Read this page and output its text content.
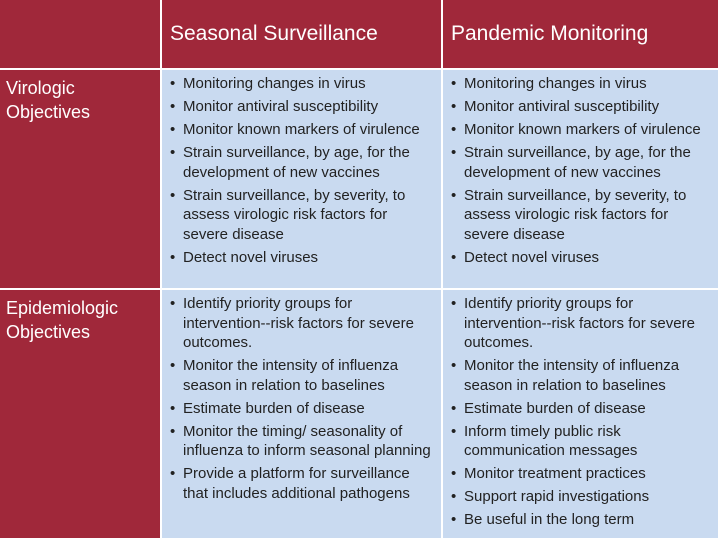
Seasonal Surveillance	Pandemic Monitoring
Virologic Objectives
• Monitoring changes in virus
• Monitor antiviral susceptibility
• Monitor known markers of virulence
• Strain surveillance, by age, for the development of new vaccines
• Strain surveillance, by severity, to assess virologic risk factors for severe disease
• Detect novel viruses
• Monitoring changes in virus
• Monitor antiviral susceptibility
• Monitor known markers of virulence
• Strain surveillance, by age, for the development of new vaccines
• Strain surveillance, by severity, to assess virologic risk factors for severe disease
• Detect novel viruses
Epidemiologic Objectives
• Identify priority groups for intervention--risk factors for severe outcomes.
• Monitor the intensity of influenza season in relation to baselines
• Estimate burden of disease
• Monitor the timing/ seasonality of influenza to inform seasonal planning
• Provide a platform for surveillance that includes additional pathogens
• Identify priority groups for intervention--risk factors for severe outcomes.
• Monitor the intensity of influenza season in relation to baselines
• Estimate burden of disease
• Inform timely public risk communication messages
• Monitor treatment practices
• Support rapid investigations
• Be useful in the long term
